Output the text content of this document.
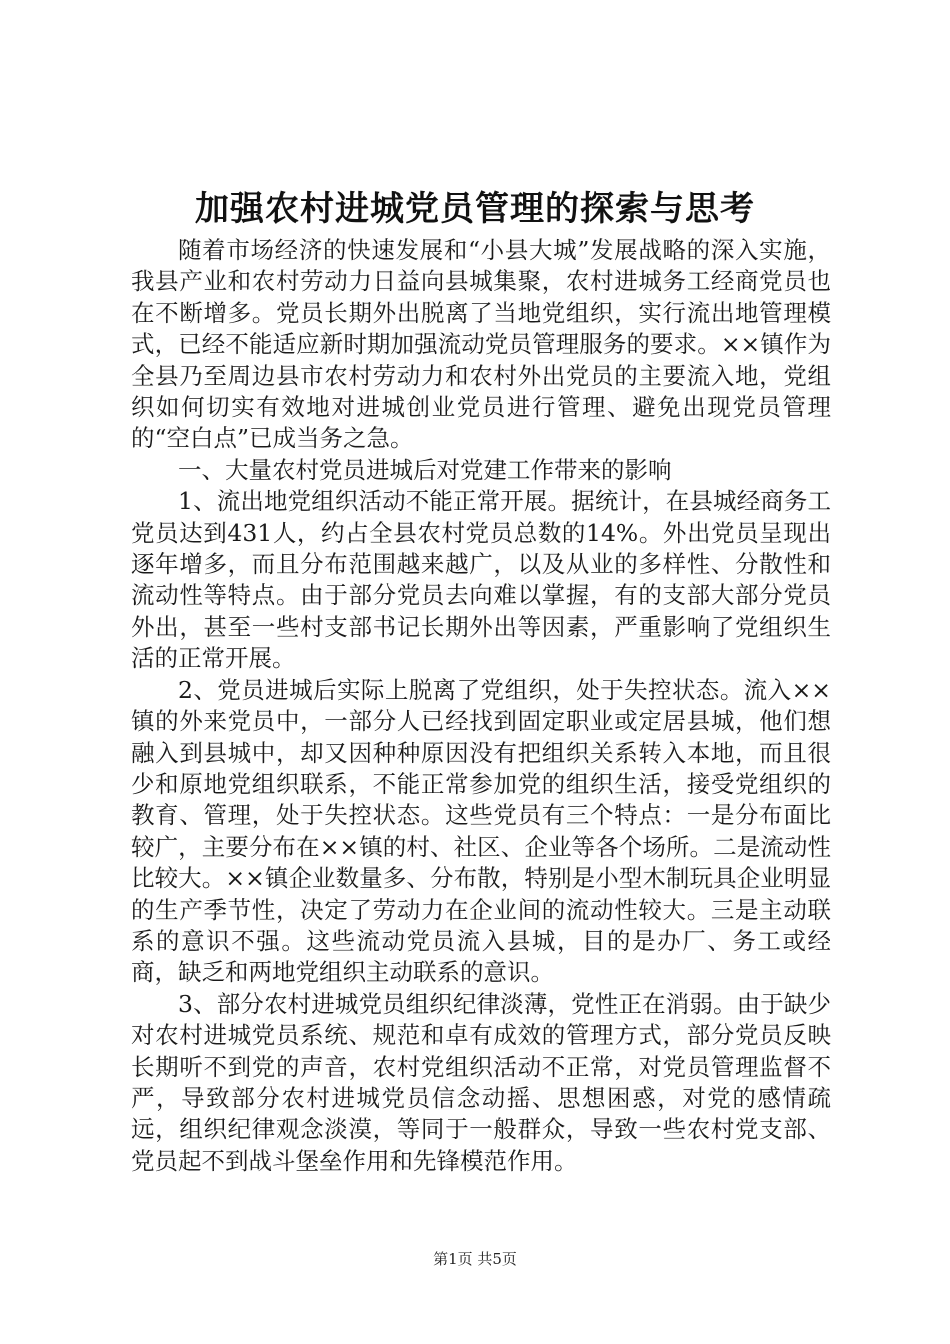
加强农村进城党员管理的探索与思考

随着市场经济的快速发展和“小县大城”发展战略的深入实施，我县产业和农村劳动力日益向县城集聚，农村进城务工经商党员也在不断增多。党员长期外出脱离了当地党组织，实行流出地管理模式，已经不能适应新时期加强流动党员管理服务的要求。××镇作为全县乃至周边县市农村劳动力和农村外出党员的主要流入地，党组织如何切实有效地对进城创业党员进行管理、避免出现党员管理的“空白点”已成当务之急。

一、大量农村党员进城后对党建工作带来的影响

1、流出地党组织活动不能正常开展。据统计，在县城经商务工党员达到431人，约占全县农村党员总数的14%。外出党员呈现出逐年增多，而且分布范围越来越广，以及从业的多样性、分散性和流动性等特点。由于部分党员去向难以掌握，有的支部大部分党员外出，甚至一些村支部书记长期外出等因素，严重影响了党组织生活的正常开展。

2、党员进城后实际上脱离了党组织，处于失控状态。流入××镇的外来党员中，一部分人已经找到固定职业或定居县城，他们想融入到县城中，却又因种种原因没有把组织关系转入本地，而且很少和原地党组织联系，不能正常参加党的组织生活，接受党组织的教育、管理，处于失控状态。这些党员有三个特点：一是分布面比较广，主要分布在××镇的村、社区、企业等各个场所。二是流动性比较大。××镇企业数量多、分布散，特别是小型木制玩具企业明显的生产季节性，决定了劳动力在企业间的流动性较大。三是主动联系的意识不强。这些流动党员流入县城，目的是办厂、务工或经商，缺乏和两地党组织主动联系的意识。

3、部分农村进城党员组织纪律淡薄，党性正在消弱。由于缺少对农村进城党员系统、规范和卓有成效的管理方式，部分党员反映长期听不到党的声音，农村党组织活动不正常，对党员管理监督不严，导致部分农村进城党员信念动摇、思想困惑，对党的感情疏远，组织纪律观念淡漠，等同于一般群众，导致一些农村党支部、党员起不到战斗堡垒作用和先锋模范作用。

第1页 共5页
